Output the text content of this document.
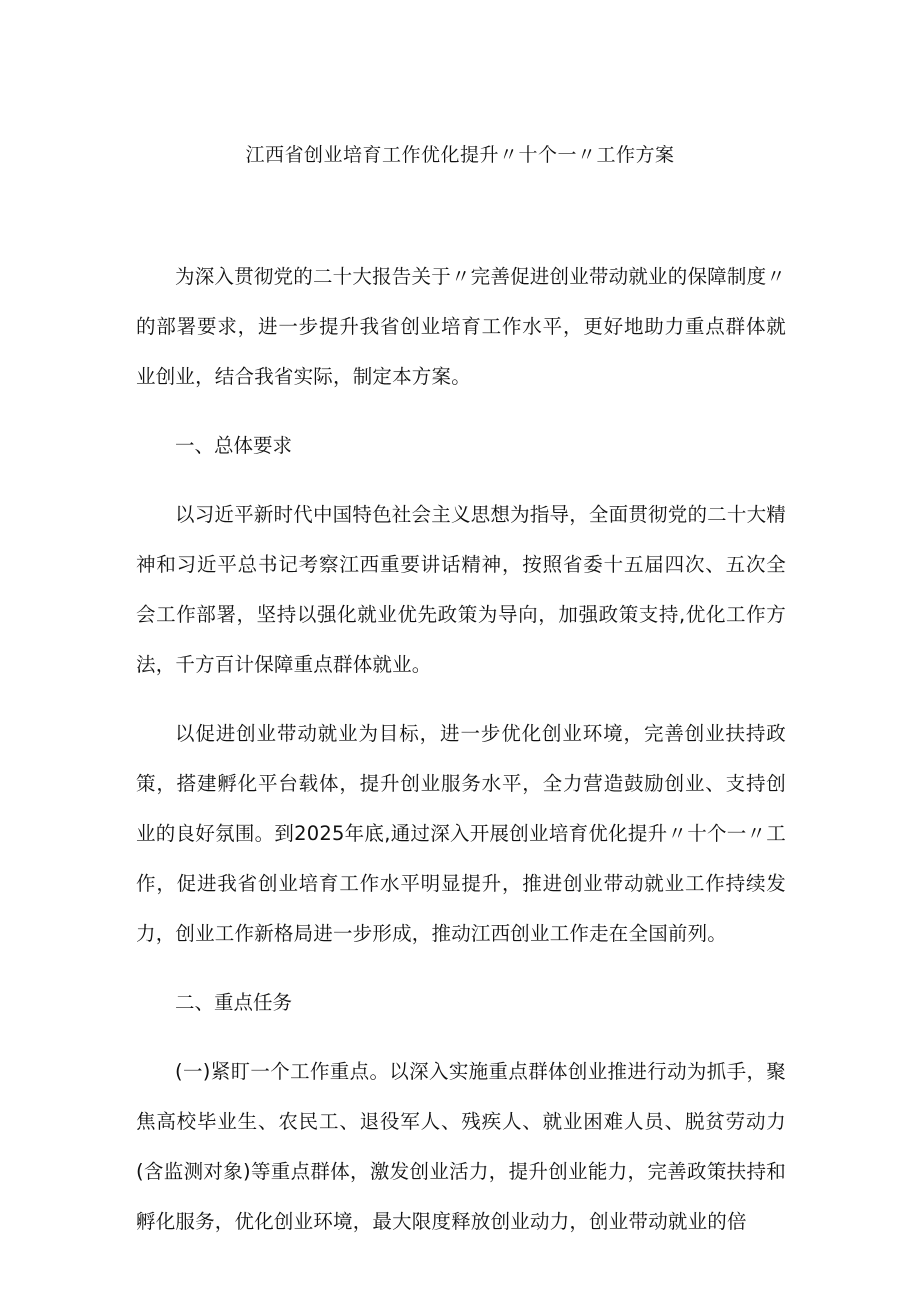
江西省创业培育工作优化提升〃十个一〃工作方案

为深入贯彻党的二十大报告关于〃完善促进创业带动就业的保障制度〃的部署要求，进一步提升我省创业培育工作水平，更好地助力重点群体就业创业，结合我省实际，制定本方案。

一、总体要求

以习近平新时代中国特色社会主义思想为指导，全面贯彻党的二十大精神和习近平总书记考察江西重要讲话精神，按照省委十五届四次、五次全会工作部署，坚持以强化就业优先政策为导向，加强政策支持,优化工作方法，千方百计保障重点群体就业。

以促进创业带动就业为目标，进一步优化创业环境，完善创业扶持政策，搭建孵化平台载体，提升创业服务水平，全力营造鼓励创业、支持创业的良好氛围。到2025年底,通过深入开展创业培育优化提升〃十个一〃工作，促进我省创业培育工作水平明显提升，推进创业带动就业工作持续发力，创业工作新格局进一步形成，推动江西创业工作走在全国前列。

二、重点任务

(一)紧盯一个工作重点。以深入实施重点群体创业推进行动为抓手，聚焦高校毕业生、农民工、退役军人、残疾人、就业困难人员、脱贫劳动力(含监测对象)等重点群体，激发创业活力，提升创业能力，完善政策扶持和孵化服务，优化创业环境，最大限度释放创业动力，创业带动就业的倍
